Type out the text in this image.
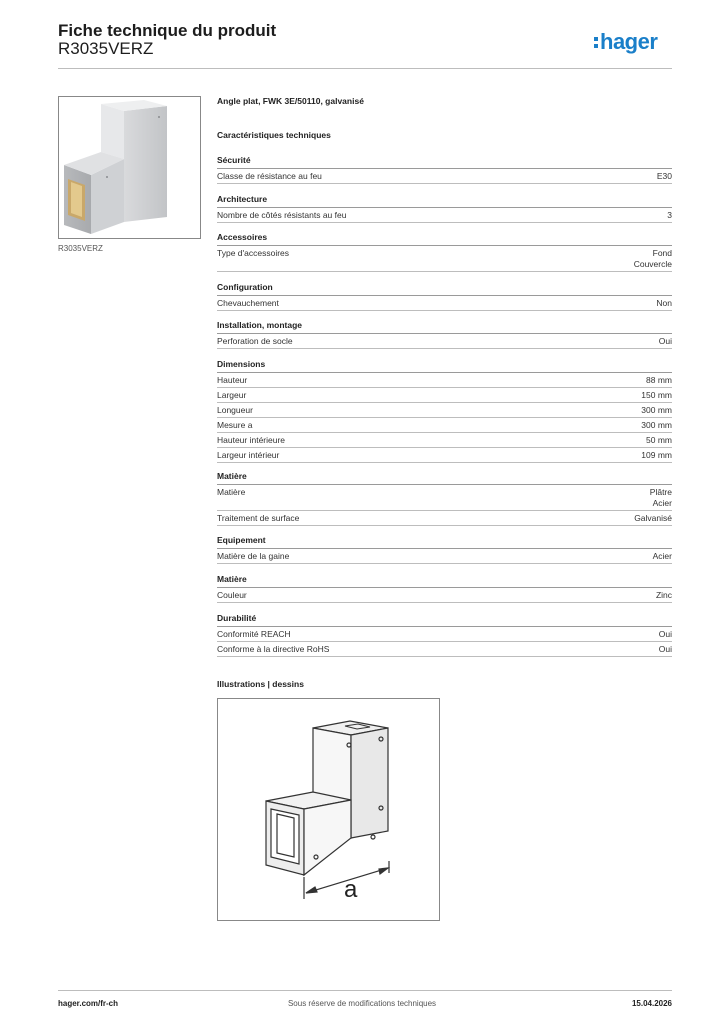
Fiche technique du produit
R3035VERZ	hager
R3035VERZ
Angle plat, FWK 3E/50110, galvanisé
Caractéristiques techniques
Sécurité
Classe de résistance au feu	E30
Architecture
Nombre de côtés résistants au feu	3
Accessoires
Type d'accessoires	Fond
Couvercle
Configuration
Chevauchement	Non
Installation, montage
Perforation de socle	Oui
Dimensions
Hauteur	88 mm
Largeur	150 mm
Longueur	300 mm
Mesure a	300 mm
Hauteur intérieure	50 mm
Largeur intérieur	109 mm
Matière
Matière	Plâtre
Acier
Traitement de surface	Galvanisé
Equipement
Matière de la gaine	Acier
Matière
Couleur	Zinc
Durabilité
Conformité REACH	Oui
Conforme à la directive RoHS	Oui
Illustrations | dessins
a
hager.com/fr-ch	Sous réserve de modifications techniques	15.04.2026
